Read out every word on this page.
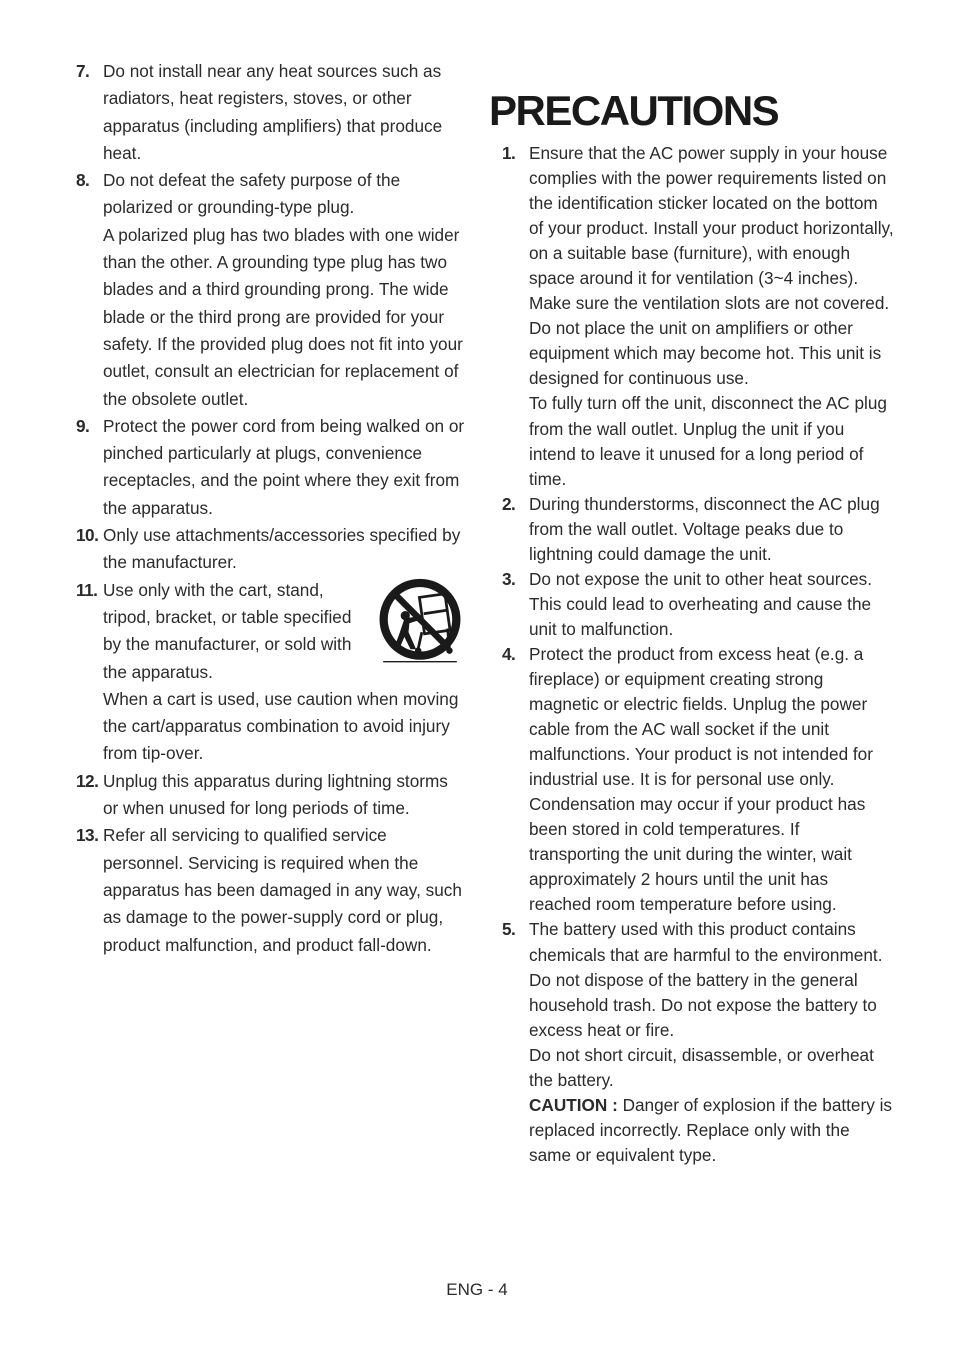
PRECAUTIONS
7. Do not install near any heat sources such as radiators, heat registers, stoves, or other apparatus (including amplifiers) that produce heat.
8. Do not defeat the safety purpose of the polarized or grounding-type plug.
A polarized plug has two blades with one wider than the other. A grounding type plug has two blades and a third grounding prong. The wide blade or the third prong are provided for your safety. If the provided plug does not fit into your outlet, consult an electrician for replacement of the obsolete outlet.
9. Protect the power cord from being walked on or pinched particularly at plugs, convenience receptacles, and the point where they exit from the apparatus.
10. Only use attachments/accessories specified by the manufacturer.
11. Use only with the cart, stand, tripod, bracket, or table specified by the manufacturer, or sold with the apparatus.
When a cart is used, use caution when moving the cart/apparatus combination to avoid injury from tip-over.
12. Unplug this apparatus during lightning storms or when unused for long periods of time.
13. Refer all servicing to qualified service personnel. Servicing is required when the apparatus has been damaged in any way, such as damage to the power-supply cord or plug, product malfunction, and product fall-down.
1. Ensure that the AC power supply in your house complies with the power requirements listed on the identification sticker located on the bottom of your product. Install your product horizontally, on a suitable base (furniture), with enough space around it for ventilation (3~4 inches). Make sure the ventilation slots are not covered. Do not place the unit on amplifiers or other equipment which may become hot. This unit is designed for continuous use.
To fully turn off the unit, disconnect the AC plug from the wall outlet. Unplug the unit if you intend to leave it unused for a long period of time.
2. During thunderstorms, disconnect the AC plug from the wall outlet. Voltage peaks due to lightning could damage the unit.
3. Do not expose the unit to other heat sources. This could lead to overheating and cause the unit to malfunction.
4. Protect the product from excess heat (e.g. a fireplace) or equipment creating strong magnetic or electric fields. Unplug the power cable from the AC wall socket if the unit malfunctions. Your product is not intended for industrial use. It is for personal use only. Condensation may occur if your product has been stored in cold temperatures. If transporting the unit during the winter, wait approximately 2 hours until the unit has reached room temperature before using.
5. The battery used with this product contains chemicals that are harmful to the environment. Do not dispose of the battery in the general household trash. Do not expose the battery to excess heat or fire.
Do not short circuit, disassemble, or overheat the battery.
CAUTION : Danger of explosion if the battery is replaced incorrectly. Replace only with the same or equivalent type.
ENG - 4
